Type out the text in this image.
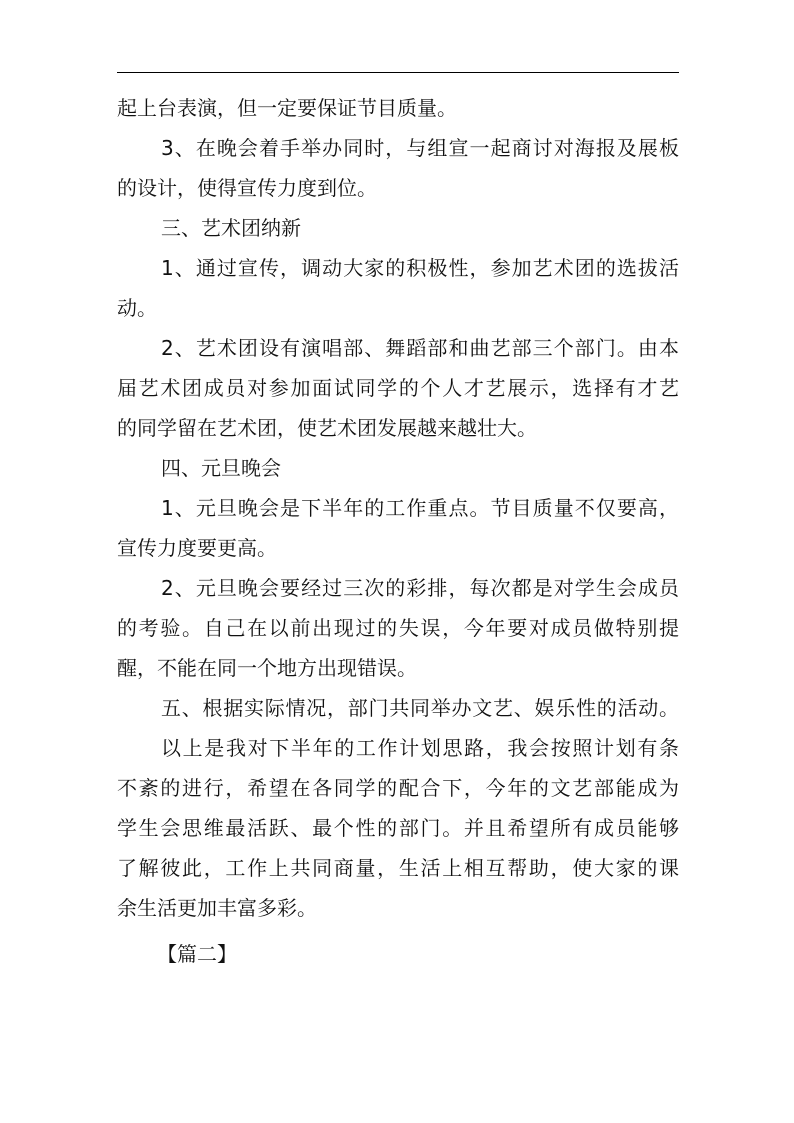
起上台表演，但一定要保证节目质量。
3、在晚会着手举办同时，与组宣一起商讨对海报及展板
的设计，使得宣传力度到位。
三、艺术团纳新
1、通过宣传，调动大家的积极性，参加艺术团的选拔活
动。
2、艺术团设有演唱部、舞蹈部和曲艺部三个部门。由本
届艺术团成员对参加面试同学的个人才艺展示，选择有才艺
的同学留在艺术团，使艺术团发展越来越壮大。
四、元旦晚会
1、元旦晚会是下半年的工作重点。节目质量不仅要高，
宣传力度要更高。
2、元旦晚会要经过三次的彩排，每次都是对学生会成员
的考验。自己在以前出现过的失误，今年要对成员做特别提
醒，不能在同一个地方出现错误。
五、根据实际情况，部门共同举办文艺、娱乐性的活动。
以上是我对下半年的工作计划思路，我会按照计划有条
不紊的进行，希望在各同学的配合下，今年的文艺部能成为
学生会思维最活跃、最个性的部门。并且希望所有成员能够
了解彼此，工作上共同商量，生活上相互帮助，使大家的课
余生活更加丰富多彩。
【篇二】
